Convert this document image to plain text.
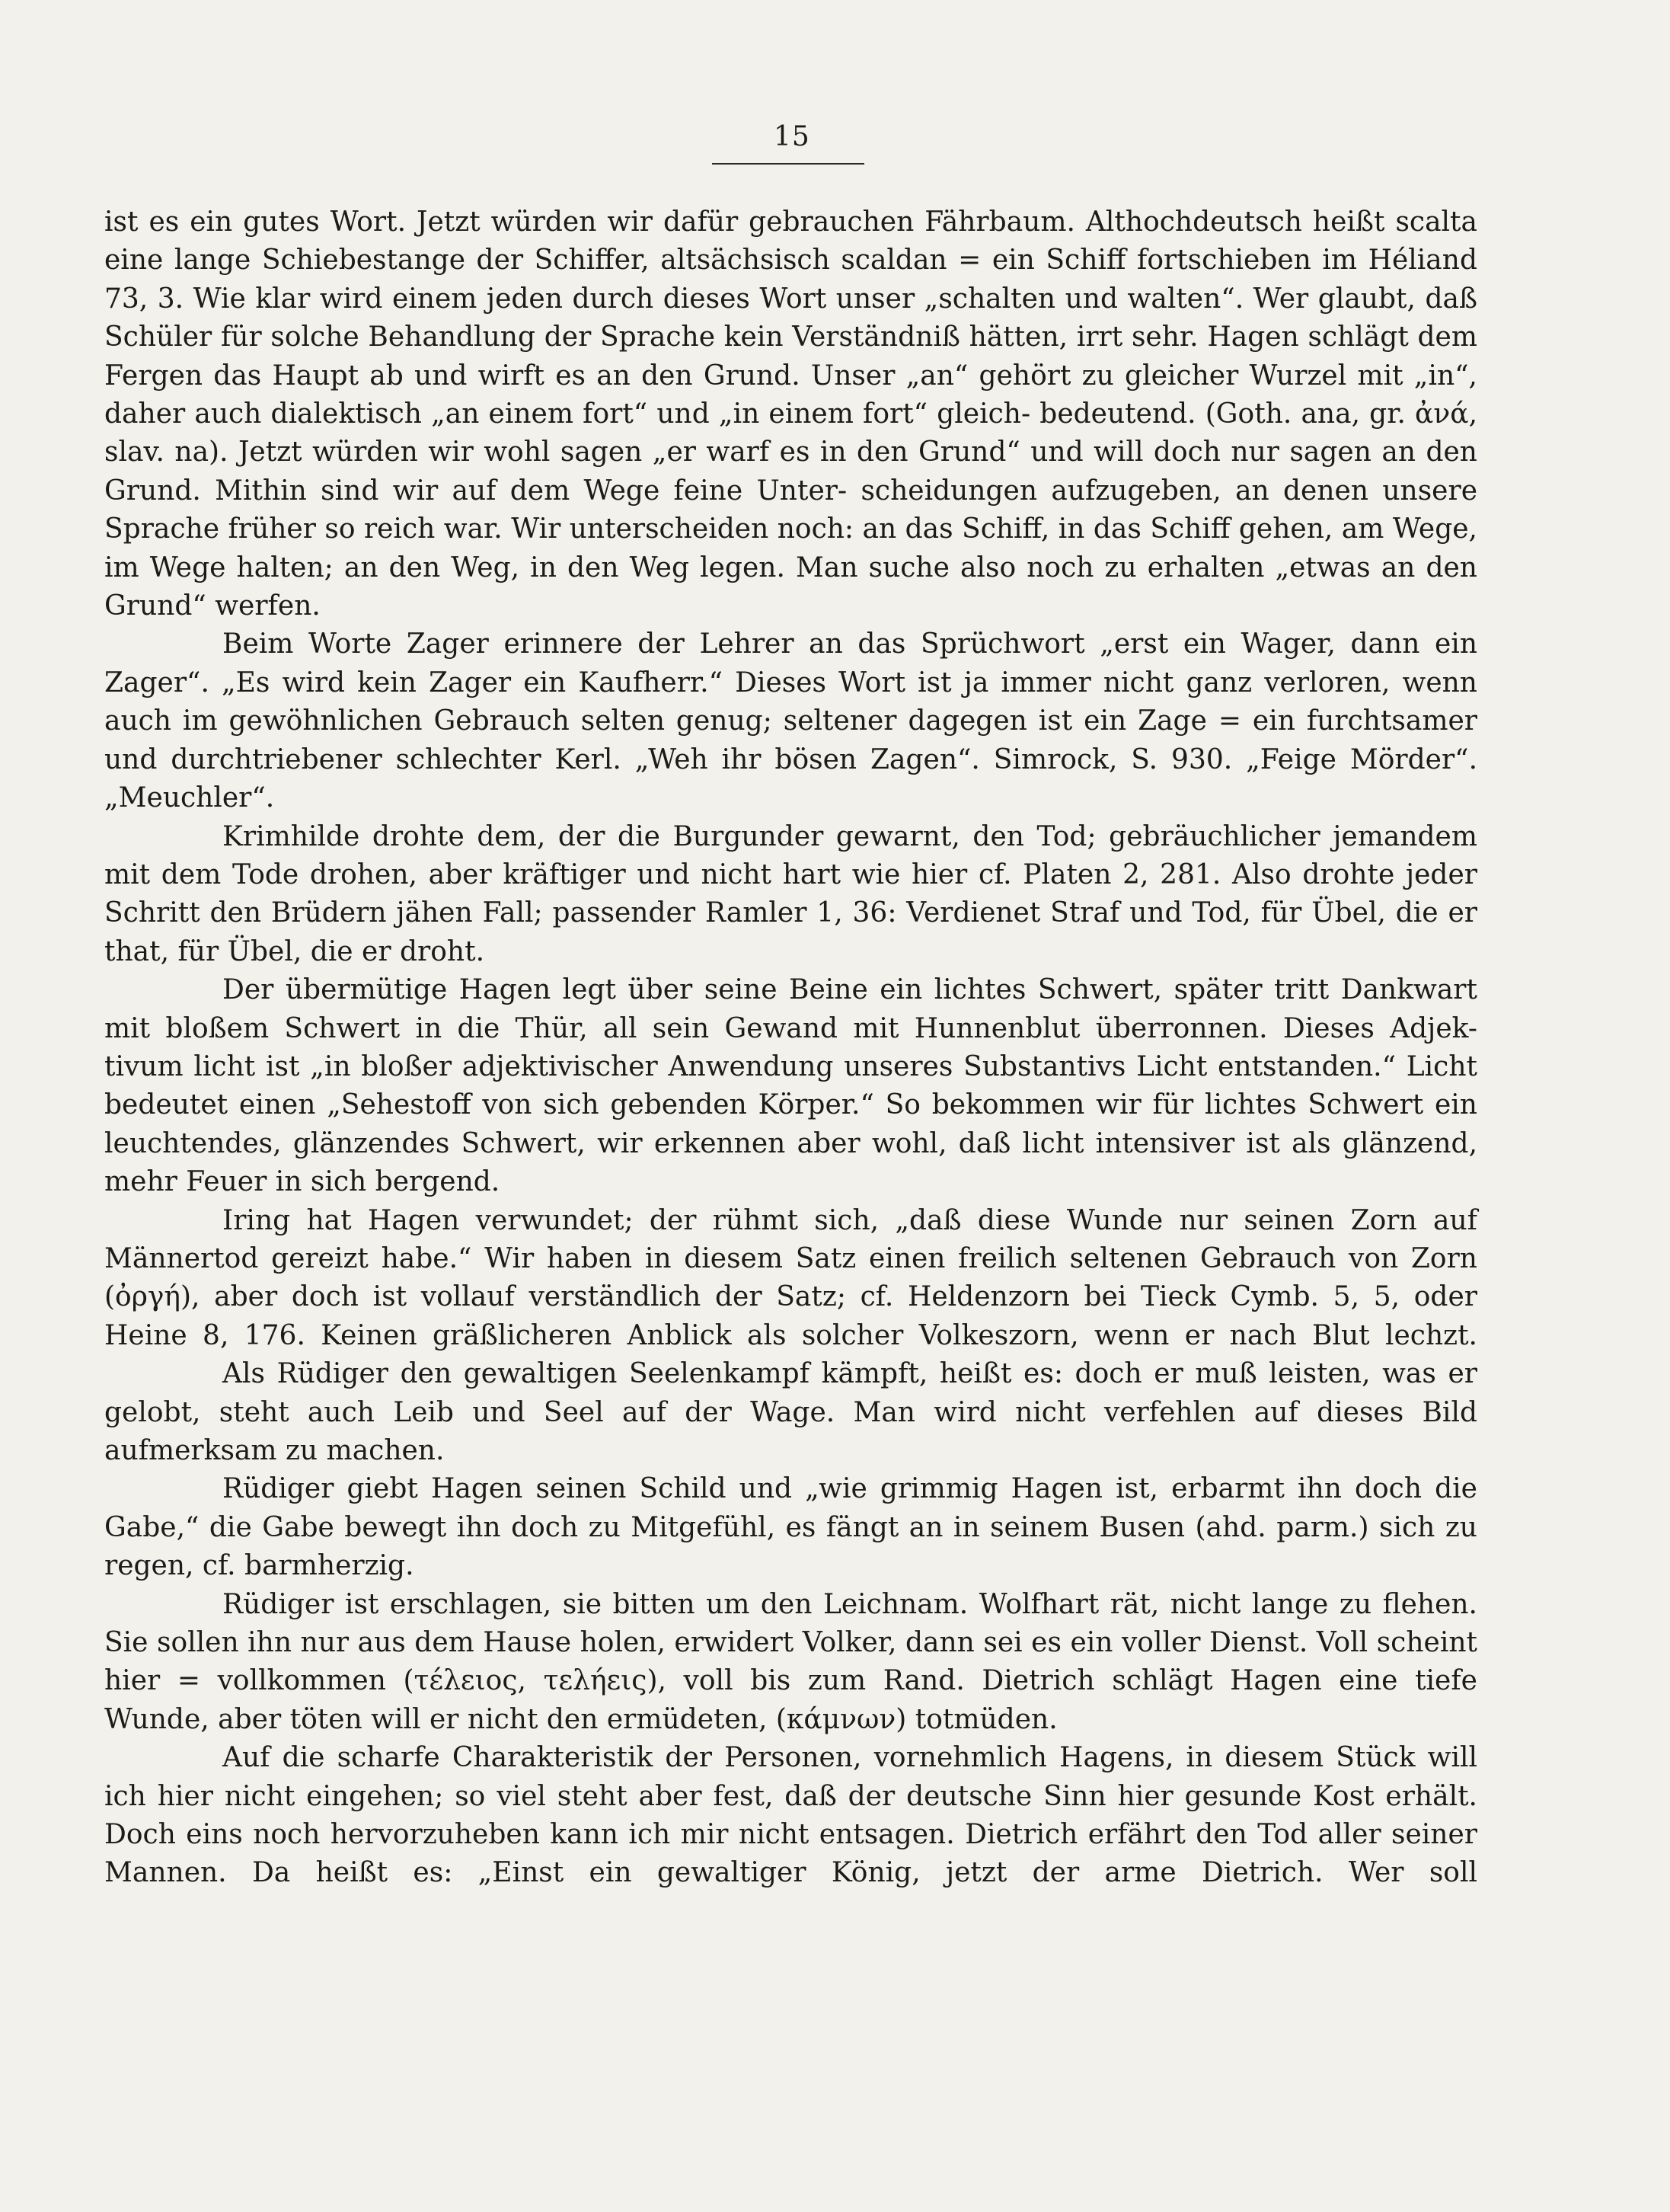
15

ist es ein gutes Wort. Jetzt würden wir dafür gebrauchen Fährbaum. Althochdeutsch heißt scalta eine lange Schiebestange der Schiffer, altsächsisch scaldan = ein Schiff fortschieben im Héliand 73, 3. Wie klar wird einem jeden durch dieses Wort unser „schalten und walten“. Wer glaubt, daß Schüler für solche Behandlung der Sprache kein Verständniß hätten, irrt sehr. Hagen schlägt dem Fergen das Haupt ab und wirft es an den Grund. Unser „an“ gehört zu gleicher Wurzel mit „in“, daher auch dialektisch „an einem fort“ und „in einem fort“ gleich- bedeutend. (Goth. ana, gr. ἀνά, slav. na). Jetzt würden wir wohl sagen „er warf es in den Grund“ und will doch nur sagen an den Grund. Mithin sind wir auf dem Wege feine Unter- scheidungen aufzugeben, an denen unsere Sprache früher so reich war. Wir unterscheiden noch: an das Schiff, in das Schiff gehen, am Wege, im Wege halten; an den Weg, in den Weg legen. Man suche also noch zu erhalten „etwas an den Grund“ werfen.

Beim Worte Zager erinnere der Lehrer an das Sprüchwort „erst ein Wager, dann ein Zager“. „Es wird kein Zager ein Kaufherr.“ Dieses Wort ist ja immer nicht ganz verloren, wenn auch im gewöhnlichen Gebrauch selten genug; seltener dagegen ist ein Zage = ein furchtsamer und durchtriebener schlechter Kerl. „Weh ihr bösen Zagen“. Simrock, S. 930. „Feige Mörder“. „Meuchler“.

Krimhilde drohte dem, der die Burgunder gewarnt, den Tod; gebräuchlicher jemandem mit dem Tode drohen, aber kräftiger und nicht hart wie hier cf. Platen 2, 281. Also drohte jeder Schritt den Brüdern jähen Fall; passender Ramler 1, 36: Verdienet Straf und Tod, für Übel, die er that, für Übel, die er droht.

Der übermütige Hagen legt über seine Beine ein lichtes Schwert, später tritt Dankwart mit bloßem Schwert in die Thür, all sein Gewand mit Hunnenblut überronnen. Dieses Adjek- tivum licht ist „in bloßer adjektivischer Anwendung unseres Substantivs Licht entstanden.“ Licht bedeutet einen „Sehestoff von sich gebenden Körper.“ So bekommen wir für lichtes Schwert ein leuchtendes, glänzendes Schwert, wir erkennen aber wohl, daß licht intensiver ist als glänzend, mehr Feuer in sich bergend.

Iring hat Hagen verwundet; der rühmt sich, „daß diese Wunde nur seinen Zorn auf Männertod gereizt habe.“ Wir haben in diesem Satz einen freilich seltenen Gebrauch von Zorn (ὀργή), aber doch ist vollauf verständlich der Satz; cf. Heldenzorn bei Tieck Cymb. 5, 5, oder Heine 8, 176. Keinen gräßlicheren Anblick als solcher Volkeszorn, wenn er nach Blut lechzt.

Als Rüdiger den gewaltigen Seelenkampf kämpft, heißt es: doch er muß leisten, was er gelobt, steht auch Leib und Seel auf der Wage. Man wird nicht verfehlen auf dieses Bild aufmerksam zu machen.

Rüdiger giebt Hagen seinen Schild und „wie grimmig Hagen ist, erbarmt ihn doch die Gabe,“ die Gabe bewegt ihn doch zu Mitgefühl, es fängt an in seinem Busen (ahd. parm.) sich zu regen, cf. barmherzig.

Rüdiger ist erschlagen, sie bitten um den Leichnam. Wolfhart rät, nicht lange zu flehen. Sie sollen ihn nur aus dem Hause holen, erwidert Volker, dann sei es ein voller Dienst. Voll scheint hier = vollkommen (τέλειος, τελήεις), voll bis zum Rand. Dietrich schlägt Hagen eine tiefe Wunde, aber töten will er nicht den ermüdeten, (κάμνων) totmüden.

Auf die scharfe Charakteristik der Personen, vornehmlich Hagens, in diesem Stück will ich hier nicht eingehen; so viel steht aber fest, daß der deutsche Sinn hier gesunde Kost erhält. Doch eins noch hervorzuheben kann ich mir nicht entsagen. Dietrich erfährt den Tod aller seiner Mannen. Da heißt es: „Einst ein gewaltiger König, jetzt der arme Dietrich. Wer soll
